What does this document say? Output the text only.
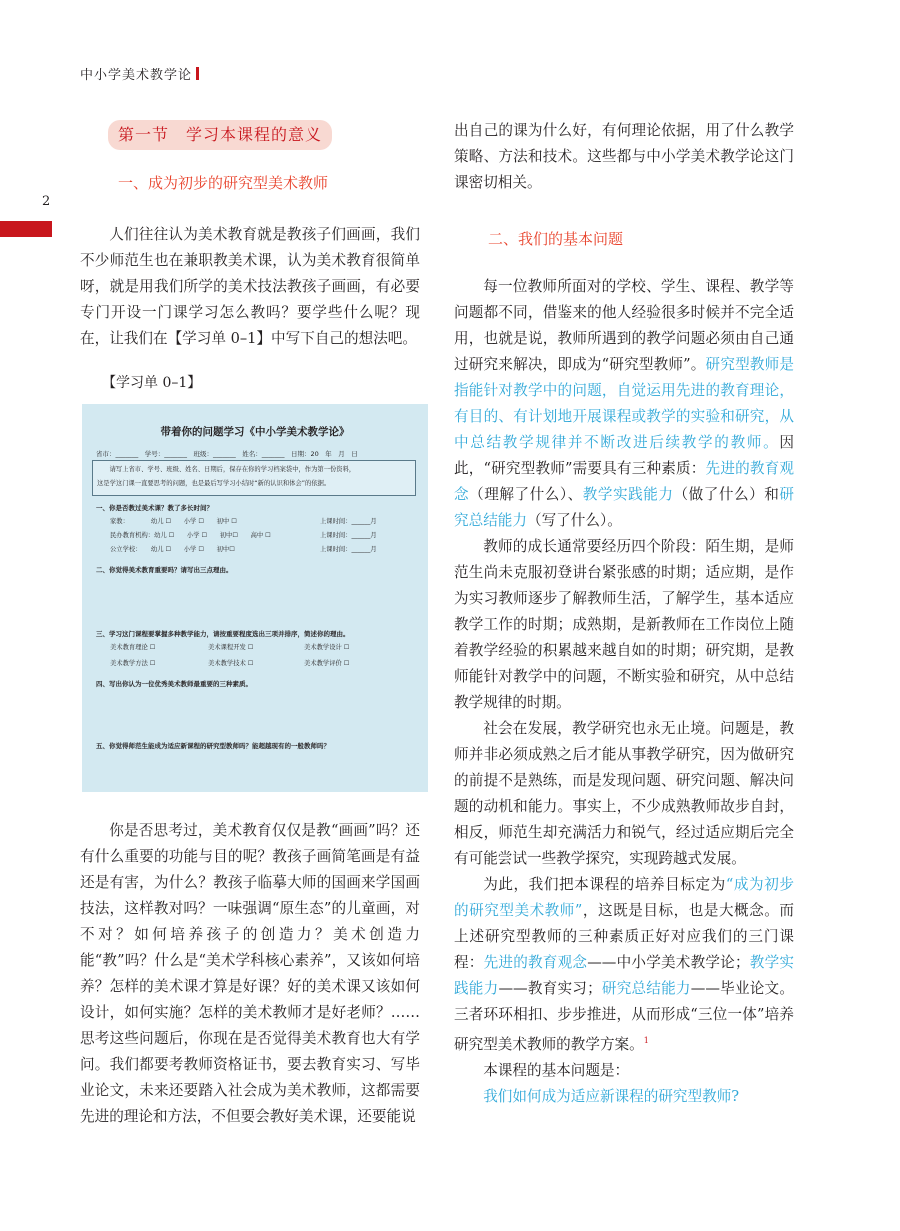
中小学美术教学论
2
第一节　学习本课程的意义
一、成为初步的研究型美术教师

人们往往认为美术教育就是教孩子们画画，我们不少师范生也在兼职教美术课，认为美术教育很简单呀，就是用我们所学的美术技法教孩子画画，有必要专门开设一门课学习怎么教吗？要学些什么呢？现在，让我们在【学习单 0–1】中写下自己的想法吧。

【学习单 0–1】
带着你的问题学习《中小学美术教学论》
省市：_______　学号：_______　班级：_______　姓名：_______　日期：20　年　月　日
请写上省市、学号、班级、姓名、日期后，保存在你的学习档案袋中，作为第一份资料，
这是学这门课一直要思考的问题，也是最后写学习小结时“新的认识和体会”的依据。
一、你是否教过美术课？教了多长时间？
家教：　　　　幼儿 ☐　　小学 ☐　　初中 ☐	上课时间：______月
民办教育机构：幼儿 ☐　　小学 ☐　　初中☐　　高中 ☐	上课时间：______月
公立学校：　　幼儿 ☐　　小学 ☐　　初中☐	上课时间：______月
二、你觉得美术教育重要吗？请写出三点理由。
三、学习这门课程要掌握多种教学能力，请按重要程度选出三项并排序，简述你的理由。
美术教育理论 ☐	美术课程开发 ☐	美术教学设计 ☐
美术教学方法 ☐	美术教学技术 ☐	美术教学评价 ☐
四、写出你认为一位优秀美术教师最重要的三种素质。
五、你觉得师范生能成为适应新课程的研究型教师吗？能超越现有的一般教师吗？

你是否思考过，美术教育仅仅是教“画画”吗？还有什么重要的功能与目的呢？教孩子画简笔画是有益还是有害，为什么？教孩子临摹大师的国画来学国画技法，这样教对吗？一味强调“原生态”的儿童画，对不对？如何培养孩子的创造力？美术创造力能“教”吗？什么是“美术学科核心素养”，又该如何培养？怎样的美术课才算是好课？好的美术课又该如何设计，如何实施？怎样的美术教师才是好老师？……思考这些问题后，你现在是否觉得美术教育也大有学问。我们都要考教师资格证书，要去教育实习、写毕业论文，未来还要踏入社会成为美术教师，这都需要先进的理论和方法，不但要会教好美术课，还要能说

出自己的课为什么好，有何理论依据，用了什么教学策略、方法和技术。这些都与中小学美术教学论这门课密切相关。

二、我们的基本问题

每一位教师所面对的学校、学生、课程、教学等问题都不同，借鉴来的他人经验很多时候并不完全适用，也就是说，教师所遇到的教学问题必须由自己通过研究来解决，即成为“研究型教师”。研究型教师是指能针对教学中的问题，自觉运用先进的教育理论，有目的、有计划地开展课程或教学的实验和研究，从中总结教学规律并不断改进后续教学的教师。因此，“研究型教师”需要具有三种素质：先进的教育观念（理解了什么）、教学实践能力（做了什么）和研究总结能力（写了什么）。

教师的成长通常要经历四个阶段：陌生期，是师范生尚未克服初登讲台紧张感的时期；适应期，是作为实习教师逐步了解教师生活，了解学生，基本适应教学工作的时期；成熟期，是新教师在工作岗位上随着教学经验的积累越来越自如的时期；研究期，是教师能针对教学中的问题，不断实验和研究，从中总结教学规律的时期。

社会在发展，教学研究也永无止境。问题是，教师并非必须成熟之后才能从事教学研究，因为做研究的前提不是熟练，而是发现问题、研究问题、解决问题的动机和能力。事实上，不少成熟教师故步自封，相反，师范生却充满活力和锐气，经过适应期后完全有可能尝试一些教学探究，实现跨越式发展。

为此，我们把本课程的培养目标定为“成为初步的研究型美术教师”，这既是目标，也是大概念。而上述研究型教师的三种素质正好对应我们的三门课程：先进的教育观念——中小学美术教学论；教学实践能力——教育实习；研究总结能力——毕业论文。三者环环相扣、步步推进，从而形成“三位一体”培养研究型美术教师的教学方案。$^1$

本课程的基本问题是：

我们如何成为适应新课程的研究型教师?
